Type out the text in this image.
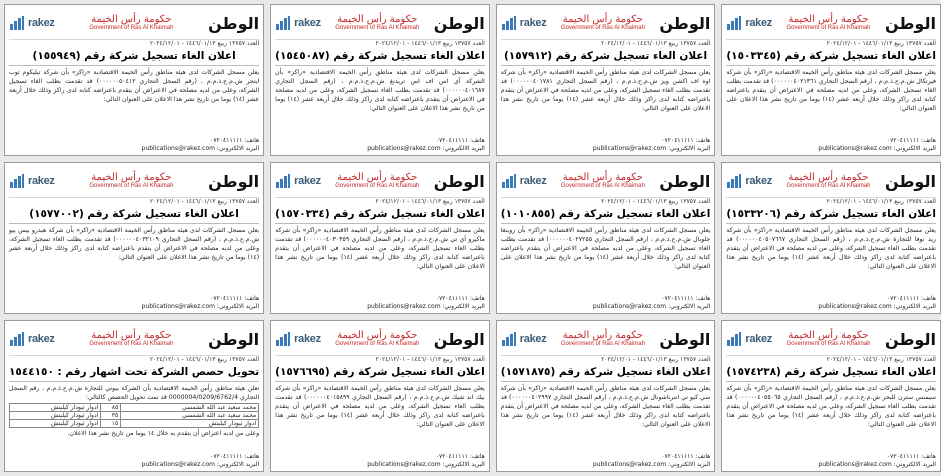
rakez	حكومة رأس الخيمة
Government of Ras Al Khaimah الوطن
العدد ١٣٧٥٧ ربيع ١٤٤٦/٠١/١٣ - ٢٠٢٤/١٢/٠١
اعلان الغاء تسجيل شركة رقم (١٥٥٩٤٩)

يعلن مسجل الشركات لدى هيئة مناطق رأس الخيمة الاقتصادية «راكز» بأن شركة تيليكوم توب ايتجر ش.م.ح.ذ.م.م ، (رقم السجل التجاري ٠٠٠٠٠٠٥٠٤١٢) قد تقدمت بطلب الغاء تسجيل الشركة، وعلى من لديه مصلحة في الاعتراض أن يتقدم باعتراضه كتابة لدى راكز وذلك خلال أربعة عشر (١٤) يوما من تاريخ نشر هذا الاعلان على العنوان التالي:

هاتف: ٠٧٢٠٤١١١١١
البريد الالكتروني: publications@rakez.com
rakez حكومة رأس الخيمة
Government of Ras Al Khaimah الوطن
العدد ١٣٧٥٧ ربيع ١٤٤٦/٠١/١٣ - ٢٠٢٤/١٢/٠١
اعلان الغاء تسجيل شركة رقم (١٥٤٥٠٨٧)

يعلن مسجل الشركات لدى هيئة مناطق رأس الخيمة الاقتصادية «راكز» بأن الشركة آي اس اف اس تريدنغ ش.م.ح.ذ.م.م ، (رقم السجل التجاري ٠٠٠٠٠٠٤٠١٦٨٧) قد تقدمت بطلب الغاء تسجيل الشركة، وعلى من لديه مصلحة في الاعتراض أن يتقدم باعتراضه كتابة لدى راكز وذلك خلال أربعة عشر (١٤) يوما من تاريخ نشر هذا الاعلان على العنوان التالي:

هاتف: ٠٧٢٠٤١١١١١
البريد الالكتروني: publications@rakez.com
rakez حكومة رأس الخيمة
Government of Ras Al Khaimah الوطن
العدد ١٣٧٥٧ ربيع ١٤٤٦/٠١/١٣ - ٢٠٢٤/١٢/٠١
اعلان الغاء تسجيل شركة رقم (١٥٧٩١٢)

يعلن مسجل الشركات لدى هيئة مناطق رأس الخيمة الاقتصادية «راكز» بأن شركة اوه اف اكشن ويز ش.م.ح.ذ.م.م ، (رقم السجل التجاري ٠٠٠٠٠٠٤٠١٧٨١) قد تقدمت بطلب الغاء تسجيل الشركة، وعلى من لديه مصلحة في الاعتراض أن يتقدم باعتراضه كتابة لدى راكز وذلك خلال أربعة عشر (١٤) يوما من تاريخ نشر هذا الاعلان على العنوان التالي:

هاتف: ٠٧٢٠٤١١١١١
البريد الالكتروني: publications@rakez.com
rakez حكومة رأس الخيمة
Government of Ras Al Khaimah الوطن
العدد ١٣٧٥٧ ربيع ١٤٤٦/٠١/١٣ - ٢٠٢٤/١٢/٠١
اعلان الغاء تسجيل شركة رقم (١٥٠٣٣٤٥)

يعلن مسجل الشركات لدى هيئة مناطق رأس الخيمة الاقتصادية «راكز» بأن شركة فيرتكال ش.م.ح.ذ.م.م ، (رقم السجل التجاري ٠٠٠٠٠٠٤٠٢١٣٦١) قد تقدمت بطلب الغاء تسجيل الشركة، وعلى من لديه مصلحة في الاعتراض أن يتقدم باعتراضه كتابة لدى راكز وذلك خلال أربعة عشر (١٤) يوما من تاريخ نشر هذا الاعلان على العنوان التالي:

هاتف: ٠٧٢٠٤١١١١١
البريد الالكتروني: publications@rakez.com
rakez	حكومة رأس الخيمة
Government of Ras Al Khaimah الوطن
العدد ١٣٧٥٧ ربيع ١٤٤٦/٠١/١٣ - ٢٠٢٤/١٢/٠١
اعلان الغاء تسجيل شركة رقم (١٥٧٧٠٠٢)

يعلن مسجل الشركات لدى هيئة مناطق رأس الخيمة الاقتصادية «راكز» بأن شركة هيدرو بيس بيو ش.م.ح.ذ.م.م ، (رقم السجل التجاري ٠٠٠٠٠٠٤٠٣٢١٠٩) قد تقدمت بطلب الغاء تسجيل الشركة، وعلى من لديه مصلحة في الاعتراض أن يتقدم باعتراضه كتابة لدى راكز وذلك خلال أربعة عشر (١٤) يوما من تاريخ نشر هذا الاعلان على العنوان التالي:

هاتف: ٠٧٢٠٤١١١١١
البريد الالكتروني: publications@rakez.com
rakez حكومة رأس الخيمة
Government of Ras Al Khaimah الوطن
العدد ١٣٧٥٧ ربيع ١٤٤٦/٠١/١٣ - ٢٠٢٤/١٢/٠١
اعلان الغاء تسجيل شركة رقم (١٥٧٠٣٣٤)

يعلن مسجل الشركات لدى هيئة مناطق رأس الخيمة الاقتصادية «راكز» بأن شركة ماكيرو آي تي ش.م.ح.ذ.م.م ، (رقم السجل التجاري ٠٠٠٠٠٠٤٠٣٠٣٥٩) قد تقدمت بطلب الغاء تسجيل الشركة، وعلى من لديه مصلحة في الاعتراض أن يتقدم باعتراضه كتابة لدى راكز وذلك خلال أربعة عشر (١٤) يوما من تاريخ نشر هذا الاعلان على العنوان التالي:

هاتف: ٠٧٢٠٤١١١١١
البريد الالكتروني: publications@rakez.com
rakez حكومة رأس الخيمة
Government of Ras Al Khaimah الوطن
العدد ١٣٧٥٧ ربيع ١٤٤٦/٠١/١٣ - ٢٠٢٤/١٢/٠١
اعلان الغاء تسجيل شركة رقم (١٠١٠٨٥٥)

يعلن مسجل الشركات لدى هيئة مناطق رأس الخيمة الاقتصادية «راكز» بأن روبنغا جلوبال ش.م.ح.ذ.م.م ، (رقم السجل التجاري ٠٠٠٠٠٠٤٠٢٧٢٥٥) قد تقدمت بطلب الغاء تسجيل الشركة، وعلى من لديه مصلحة في الاعتراض أن يتقدم باعتراضه كتابة لدى راكز وذلك خلال أربعة عشر (١٤) يوما من تاريخ نشر هذا الاعلان على العنوان التالي:

هاتف: ٠٧٢٠٤١١١١١
البريد الالكتروني: publications@rakez.com
rakez حكومة رأس الخيمة
Government of Ras Al Khaimah الوطن
العدد ١٣٧٥٧ ربيع ١٤٤٦/٠١/١٣ - ٢٠٢٤/١٢/٠١
اعلان الغاء تسجيل شركة رقم (١٥٣٣٢٠٦)

يعلن مسجل الشركات لدى هيئة مناطق رأس الخيمة الاقتصادية «راكز» بأن شركة ريد نوفا للتجارة ش.م.ح.ذ.م.م ، (رقم السجل التجاري ٠٠٠٠٠٠٤٠٥٠٧٦٦٧) قد تقدمت بطلب الغاء تسجيل الشركة، وعلى من لديه مصلحة في الاعتراض أن يتقدم باعتراضه كتابة لدى راكز وذلك خلال أربعة عشر (١٤) يوما من تاريخ نشر هذا الاعلان على العنوان التالي:

هاتف: ٠٧٢٠٤١١١١١
البريد الالكتروني: publications@rakez.com
rakez	حكومة رأس الخيمة
Government of Ras Al Khaimah الوطن
العدد ١٣٧٥٧ ربيع ١٤٤٦/٠١/١٣ - ٢٠٢٤/١٢/٠١
تحويل حصص الشركة تحت اشهار رقم : ١٥٤٤١٥٠

تعلن هيئة مناطق رأس الخيمة الاقتصادية بأن الشركة بيوتي للتجارة ش.م.ح.ذ.م.م ، رقم السجل التجاري 0000004/0209/6762/4 قد تمت تحويل الحصص كالتالي:

محمد سعيد عبد الله الشمسي	٨٥	ادوار ثيودار كيليتش
محمد سعيد عبد الله الشمسي	٣٥	ادوار ثيودار كيليتش
ادوار ثيودار كيليتش	١٥	ادوار ثيودار كيليتش

وعلى من لديه اعتراض أن يتقدم به خلال ١٤ يوما من تاريخ نشر هذا الاعلان.

هاتف: ٠٧٢٠٤١١١١١
البريد الالكتروني: publications@rakez.com
rakez حكومة رأس الخيمة
Government of Ras Al Khaimah الوطن
العدد ١٣٧٥٧ ربيع ١٤٤٦/٠١/١٣ - ٢٠٢٤/١٢/٠١
اعلان الغاء تسجيل شركة رقم (١٥٧٦٦٩٥)

يعلن مسجل الشركات لدى هيئة مناطق رأس الخيمة الاقتصادية «راكز» بأن شركة بيك اند شيك ش.م.ح.ذ.م.م ، (رقم السجل التجاري ٠٠٠٠٠٠٤٠١٥٨٩٩) قد تقدمت بطلب الغاء تسجيل الشركة، وعلى من لديه مصلحة في الاعتراض أن يتقدم باعتراضه كتابة لدى راكز وذلك خلال أربعة عشر (١٤) يوما من تاريخ نشر هذا الاعلان على العنوان التالي:

هاتف: ٠٧٢٠٤١١١١١
البريد الالكتروني: publications@rakez.com
rakez حكومة رأس الخيمة
Government of Ras Al Khaimah الوطن
العدد ١٣٧٥٧ ربيع ١٤٤٦/٠١/١٣ - ٢٠٢٤/١٢/٠١
اعلان الغاء تسجيل شركة رقم (١٥٧١٨٧٥)

يعلن مسجل الشركات لدى هيئة مناطق رأس الخيمة الاقتصادية «راكز» بأن شركة سي كيو تي انترناشونال ش.م.ح.ذ.م.م ، (رقم السجل التجاري ٠٠٠٠٠٠٤٠٢٩٩٧) قد تقدمت بطلب الغاء تسجيل الشركة، وعلى من لديه مصلحة في الاعتراض أن يتقدم باعتراضه كتابة لدى راكز وذلك خلال أربعة عشر (١٤) يوما من تاريخ نشر هذا الاعلان على العنوان التالي:

هاتف: ٠٧٢٠٤١١١١١
البريد الالكتروني: publications@rakez.com
rakez حكومة رأس الخيمة
Government of Ras Al Khaimah الوطن
العدد ١٣٧٥٧ ربيع ١٤٤٦/٠١/١٣ - ٢٠٢٤/١٢/٠١
اعلان الغاء تسجيل شركة رقم (١٥٧٤٢٣٨)

يعلن مسجل الشركات لدى هيئة مناطق رأس الخيمة الاقتصادية «راكز» بأن شركة سيمنس سترن للبحر ش.م.ح.ذ.م.م ، (رقم السجل التجاري ٠٠٠٠٠٠٤٠٥٥٠٦٥) قد تقدمت بطلب الغاء تسجيل الشركة، وعلى من لديه مصلحة في الاعتراض أن يتقدم باعتراضه كتابة لدى راكز وذلك خلال أربعة عشر (١٤) يوما من تاريخ نشر هذا الاعلان على العنوان التالي:

هاتف: ٠٧٢٠٤١١١١١
البريد الالكتروني: publications@rakez.com
